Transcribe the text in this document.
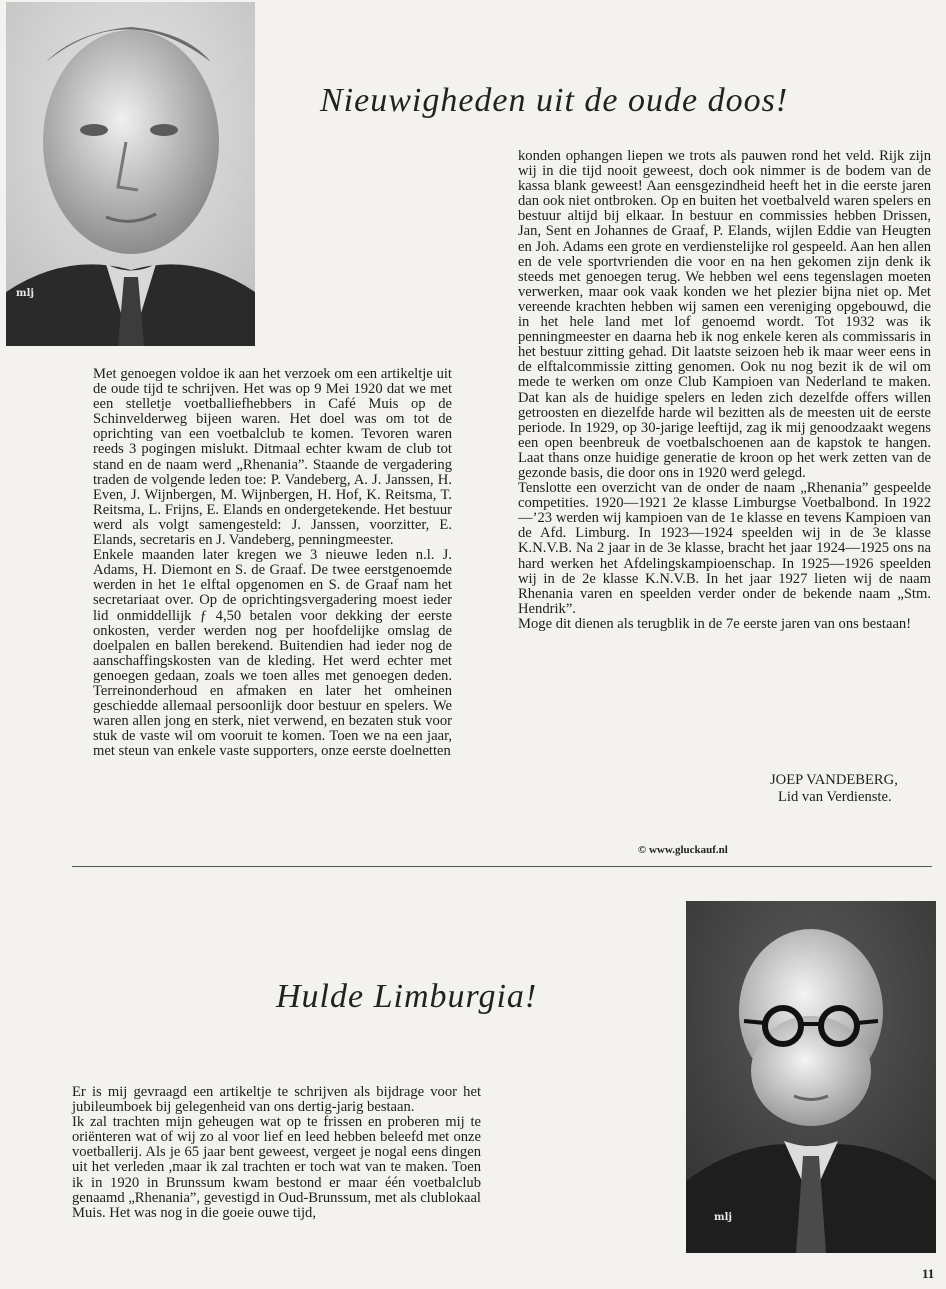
mlj
Nieuwigheden uit de oude doos!

Met genoegen voldoe ik aan het verzoek om een artikeltje uit de oude tijd te schrijven. Het was op 9 Mei 1920 dat we met een stelletje voetballiefhebbers in Café Muis op de Schinvelderweg bijeen waren. Het doel was om tot de oprichting van een voetbalclub te komen. Tevoren waren reeds 3 pogingen mislukt. Ditmaal echter kwam de club tot stand en de naam werd „Rhenania”. Staande de vergadering traden de volgende leden toe: P. Vandeberg, A. J. Janssen, H. Even, J. Wijnbergen, M. Wijnbergen, H. Hof, K. Reitsma, T. Reitsma, L. Frijns, E. Elands en ondergetekende. Het bestuur werd als volgt samengesteld: J. Janssen, voorzitter, E. Elands, secretaris en J. Vandeberg, penningmeester.

Enkele maanden later kregen we 3 nieuwe leden n.l. J. Adams, H. Diemont en S. de Graaf. De twee eerstgenoemde werden in het 1e elftal opgenomen en S. de Graaf nam het secretariaat over. Op de oprichtingsvergadering moest ieder lid onmiddellijk ƒ 4,50 betalen voor dekking der eerste onkosten, verder werden nog per hoofdelijke omslag de doelpalen en ballen berekend. Buitendien had ieder nog de aanschaffingskosten van de kleding. Het werd echter met genoegen gedaan, zoals we toen alles met genoegen deden. Terreinonderhoud en afmaken en later het omheinen geschiedde allemaal persoonlijk door bestuur en spelers. We waren allen jong en sterk, niet verwend, en bezaten stuk voor stuk de vaste wil om vooruit te komen. Toen we na een jaar, met steun van enkele vaste supporters, onze eerste doelnetten

konden ophangen liepen we trots als pauwen rond het veld. Rijk zijn wij in die tijd nooit geweest, doch ook nimmer is de bodem van de kassa blank geweest! Aan eensgezindheid heeft het in die eerste jaren dan ook niet ontbroken. Op en buiten het voetbalveld waren spelers en bestuur altijd bij elkaar. In bestuur en commissies hebben Drissen, Jan, Sent en Johannes de Graaf, P. Elands, wijlen Eddie van Heugten en Joh. Adams een grote en verdienstelijke rol gespeeld. Aan hen allen en de vele sportvrienden die voor en na hen gekomen zijn denk ik steeds met genoegen terug. We hebben wel eens tegenslagen moeten verwerken, maar ook vaak konden we het plezier bijna niet op. Met vereende krachten hebben wij samen een vereniging opgebouwd, die in het hele land met lof genoemd wordt. Tot 1932 was ik penningmeester en daarna heb ik nog enkele keren als commissaris in het bestuur zitting gehad. Dit laatste seizoen heb ik maar weer eens in de elftalcommissie zitting genomen. Ook nu nog bezit ik de wil om mede te werken om onze Club Kampioen van Nederland te maken. Dat kan als de huidige spelers en leden zich dezelfde offers willen getroosten en diezelfde harde wil bezitten als de meesten uit de eerste periode. In 1929, op 30-jarige leeftijd, zag ik mij genoodzaakt wegens een open beenbreuk de voetbalschoenen aan de kapstok te hangen. Laat thans onze huidige generatie de kroon op het werk zetten van de gezonde basis, die door ons in 1920 werd gelegd.

Tenslotte een overzicht van de onder de naam „Rhenania” gespeelde competities. 1920—1921 2e klasse Limburgse Voetbalbond. In 1922—’23 werden wij kampioen van de 1e klasse en tevens Kampioen van de Afd. Limburg. In 1923—1924 speelden wij in de 3e klasse K.N.V.B. Na 2 jaar in de 3e klasse, bracht het jaar 1924—1925 ons na hard werken het Afdelingskampioenschap. In 1925—1926 speelden wij in de 2e klasse K.N.V.B. In het jaar 1927 lieten wij de naam Rhenania varen en speelden verder onder de bekende naam „Stm. Hendrik”.

Moge dit dienen als terugblik in de 7e eerste jaren van ons bestaan!

JOEP VANDEBERG,
Lid van Verdienste.
© www.gluckauf.nl
Hulde Limburgia!

Er is mij gevraagd een artikeltje te schrijven als bijdrage voor het jubileumboek bij gelegenheid van ons dertig-jarig bestaan.

Ik zal trachten mijn geheugen wat op te frissen en proberen mij te oriënteren wat of wij zo al voor lief en leed hebben beleefd met onze voetballerij. Als je 65 jaar bent geweest, vergeet je nogal eens dingen uit het verleden ,maar ik zal trachten er toch wat van te maken. Toen ik in 1920 in Brunssum kwam bestond er maar één voetbalclub genaamd „Rhenania”, gevestigd in Oud-Brunssum, met als clublokaal Muis. Het was nog in die goeie ouwe tijd,	mlj
11
